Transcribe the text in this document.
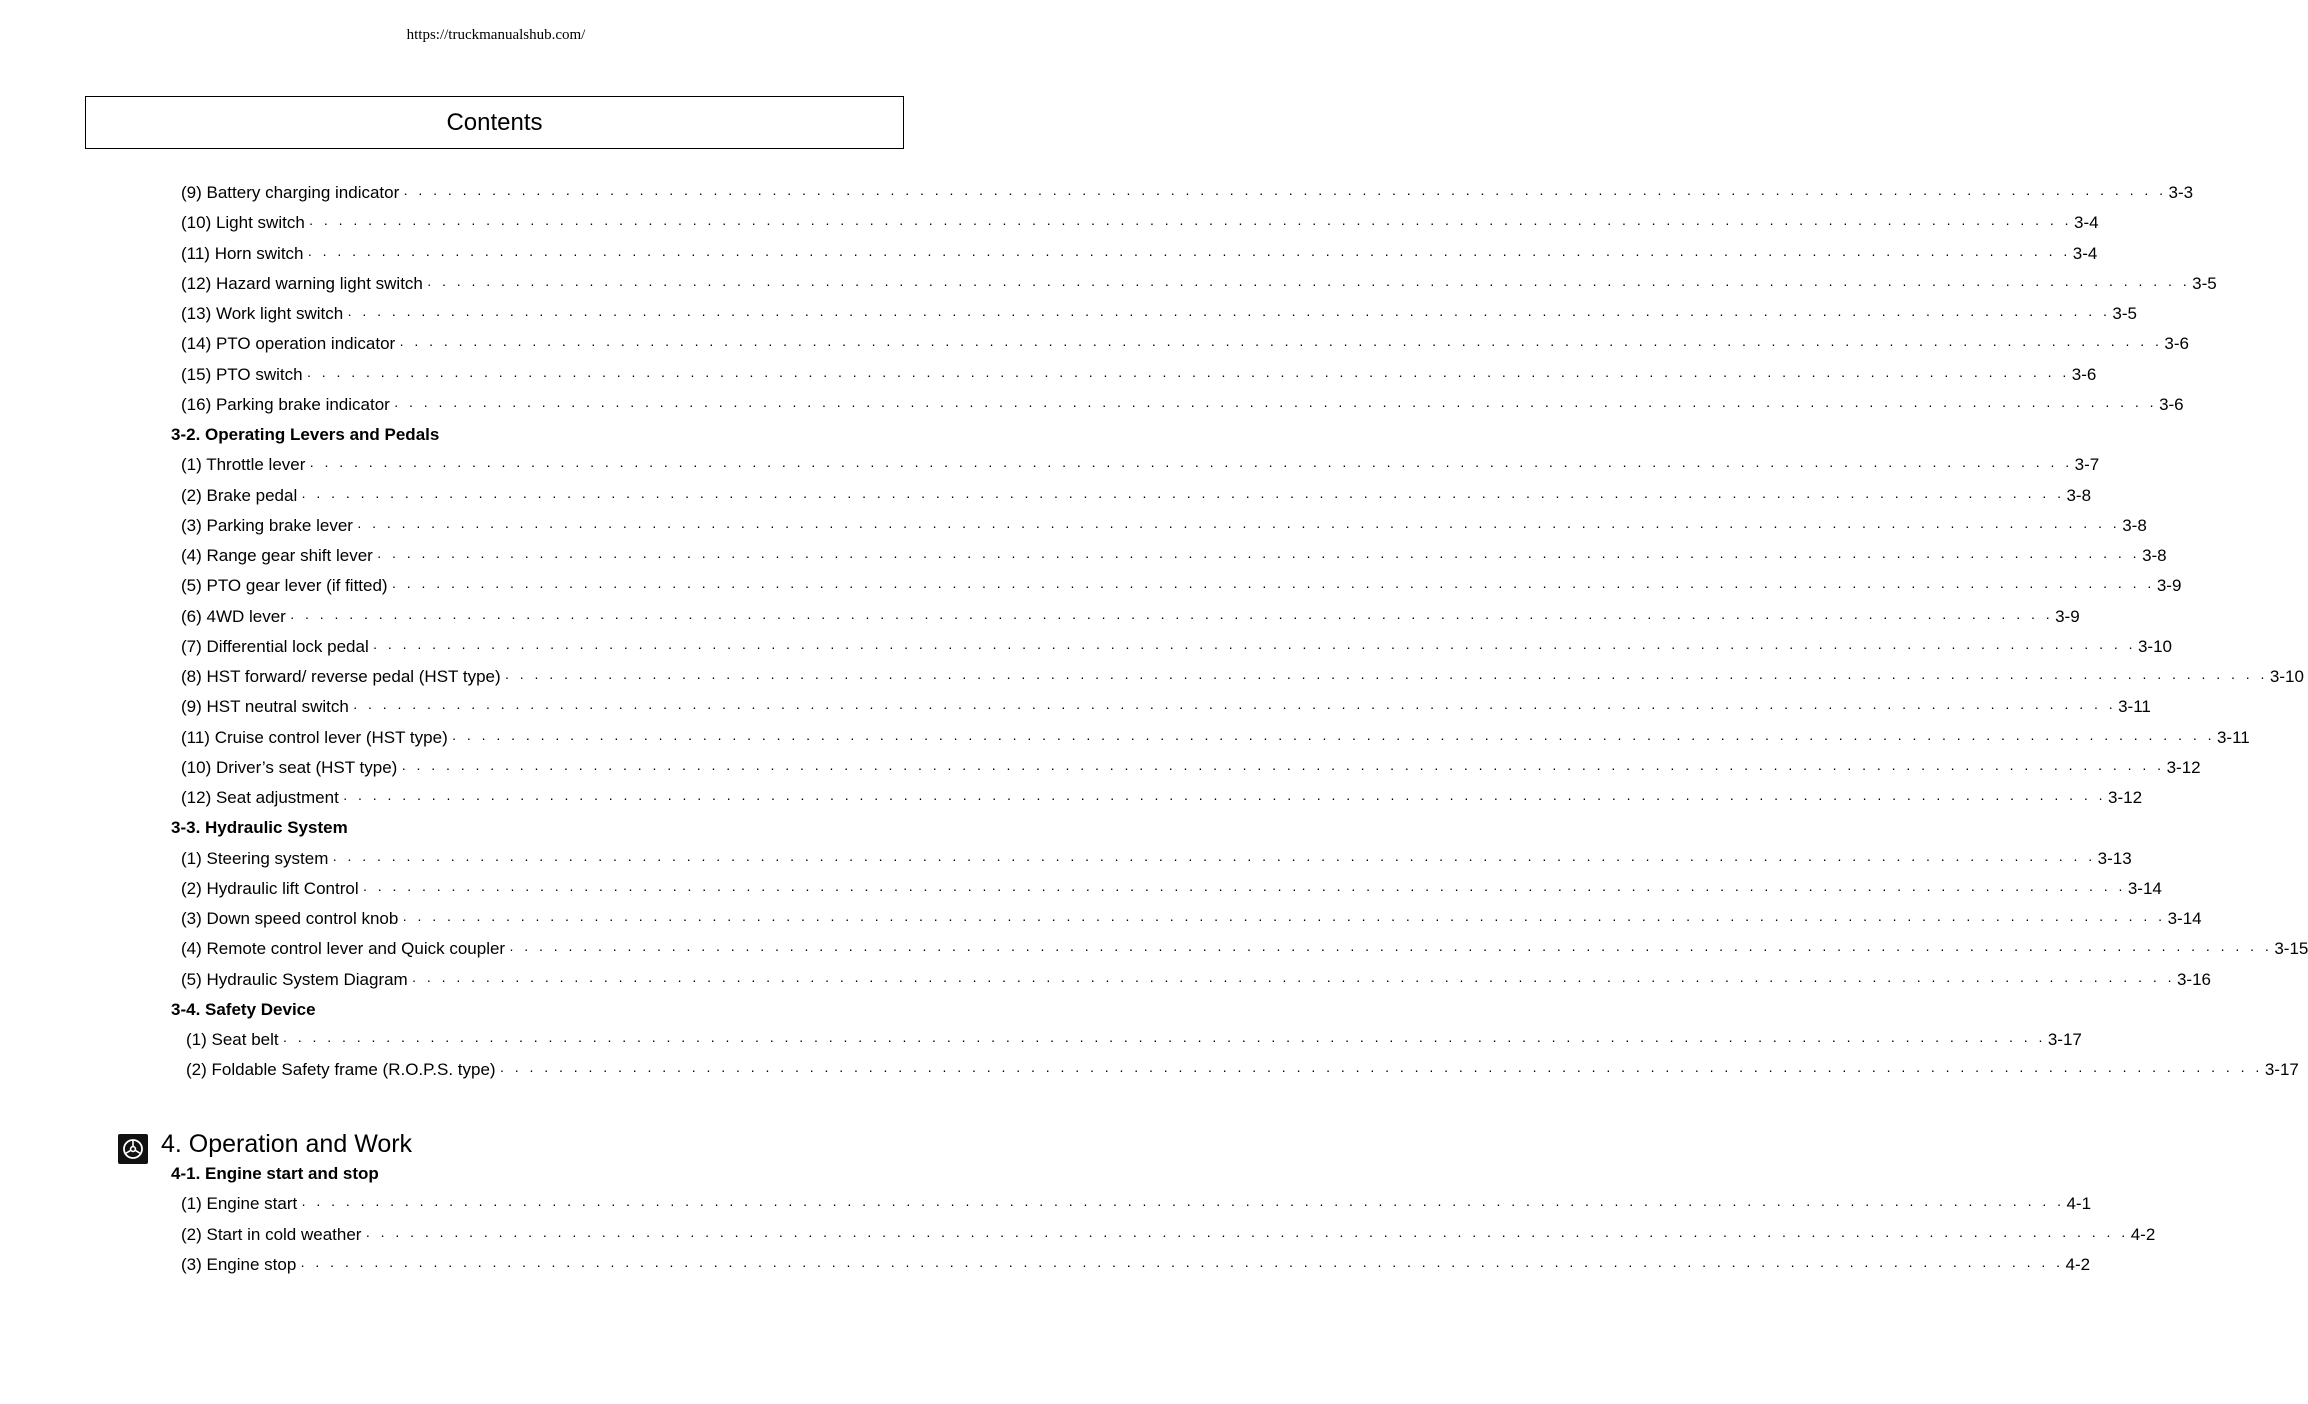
https://truckmanualshub.com/
Contents
(9) Battery charging indicator · · · · · · · · · · · · · · · · · · · · · · · · · · · · · · · · · · · · · · · · · · · · · · · · · · · · · · · · · · · · · · · · · · · · · · · · · · · · · · · · · · · · · · · · · · · · · · · · · · · · · · · · · · · · · · · · · · · · · · · · 3-3
(10) Light switch · · · · · · · · · · · · · · · · · · · · · · · · · · · · · · · · · · · · · · · · · · · · · · · · · · · · · · · · · · · · · · · · · · · · · · · · · · · · · · · · · · · · · · · · · · · · · · · · · · · · · · · · · · · · · · · · · · · · · · · · 3-4
(11) Horn switch · · · · · · · · · · · · · · · · · · · · · · · · · · · · · · · · · · · · · · · · · · · · · · · · · · · · · · · · · · · · · · · · · · · · · · · · · · · · · · · · · · · · · · · · · · · · · · · · · · · · · · · · · · · · · · · · · · · · · · · · 3-4
(12) Hazard warning light switch · · · · · · · · · · · · · · · · · · · · · · · · · · · · · · · · · · · · · · · · · · · · · · · · · · · · · · · · · · · · · · · · · · · · · · · · · · · · · · · · · · · · · · · · · · · · · · · · · · · · · · · · · · · · · · · · · · · · · · · · 3-5
(13) Work light switch · · · · · · · · · · · · · · · · · · · · · · · · · · · · · · · · · · · · · · · · · · · · · · · · · · · · · · · · · · · · · · · · · · · · · · · · · · · · · · · · · · · · · · · · · · · · · · · · · · · · · · · · · · · · · · · · · · · · · · · · 3-5
(14) PTO operation indicator · · · · · · · · · · · · · · · · · · · · · · · · · · · · · · · · · · · · · · · · · · · · · · · · · · · · · · · · · · · · · · · · · · · · · · · · · · · · · · · · · · · · · · · · · · · · · · · · · · · · · · · · · · · · · · · · · · · · · · · · 3-6
(15) PTO switch · · · · · · · · · · · · · · · · · · · · · · · · · · · · · · · · · · · · · · · · · · · · · · · · · · · · · · · · · · · · · · · · · · · · · · · · · · · · · · · · · · · · · · · · · · · · · · · · · · · · · · · · · · · · · · · · · · · · · · · · 3-6
(16) Parking brake indicator · · · · · · · · · · · · · · · · · · · · · · · · · · · · · · · · · · · · · · · · · · · · · · · · · · · · · · · · · · · · · · · · · · · · · · · · · · · · · · · · · · · · · · · · · · · · · · · · · · · · · · · · · · · · · · · · · · · · · · · · 3-6
3-2. Operating Levers and Pedals
(1) Throttle lever · · · · · · · · · · · · · · · · · · · · · · · · · · · · · · · · · · · · · · · · · · · · · · · · · · · · · · · · · · · · · · · · · · · · · · · · · · · · · · · · · · · · · · · · · · · · · · · · · · · · · · · · · · · · · · · · · · · · · · · · 3-7
(2) Brake pedal · · · · · · · · · · · · · · · · · · · · · · · · · · · · · · · · · · · · · · · · · · · · · · · · · · · · · · · · · · · · · · · · · · · · · · · · · · · · · · · · · · · · · · · · · · · · · · · · · · · · · · · · · · · · · · · · · · · · · · · · 3-8
(3) Parking brake lever · · · · · · · · · · · · · · · · · · · · · · · · · · · · · · · · · · · · · · · · · · · · · · · · · · · · · · · · · · · · · · · · · · · · · · · · · · · · · · · · · · · · · · · · · · · · · · · · · · · · · · · · · · · · · · · · · · · · · · · · 3-8
(4) Range gear shift lever · · · · · · · · · · · · · · · · · · · · · · · · · · · · · · · · · · · · · · · · · · · · · · · · · · · · · · · · · · · · · · · · · · · · · · · · · · · · · · · · · · · · · · · · · · · · · · · · · · · · · · · · · · · · · · · · · · · · · · · · 3-8
(5) PTO gear lever (if fitted) · · · · · · · · · · · · · · · · · · · · · · · · · · · · · · · · · · · · · · · · · · · · · · · · · · · · · · · · · · · · · · · · · · · · · · · · · · · · · · · · · · · · · · · · · · · · · · · · · · · · · · · · · · · · · · · · · · · · · · · · 3-9
(6) 4WD lever · · · · · · · · · · · · · · · · · · · · · · · · · · · · · · · · · · · · · · · · · · · · · · · · · · · · · · · · · · · · · · · · · · · · · · · · · · · · · · · · · · · · · · · · · · · · · · · · · · · · · · · · · · · · · · · · · · · · · · · · 3-9
(7) Differential lock pedal · · · · · · · · · · · · · · · · · · · · · · · · · · · · · · · · · · · · · · · · · · · · · · · · · · · · · · · · · · · · · · · · · · · · · · · · · · · · · · · · · · · · · · · · · · · · · · · · · · · · · · · · · · · · · · · · · · · · · · · · 3-10
(8) HST forward/ reverse pedal (HST type) · · · · · · · · · · · · · · · · · · · · · · · · · · · · · · · · · · · · · · · · · · · · · · · · · · · · · · · · · · · · · · · · · · · · · · · · · · · · · · · · · · · · · · · · · · · · · · · · · · · · · · · · · · · · · · · · · · · · · · · · 3-10
(9) HST neutral switch · · · · · · · · · · · · · · · · · · · · · · · · · · · · · · · · · · · · · · · · · · · · · · · · · · · · · · · · · · · · · · · · · · · · · · · · · · · · · · · · · · · · · · · · · · · · · · · · · · · · · · · · · · · · · · · · · · · · · · · · 3-11
(11) Cruise control lever (HST type) · · · · · · · · · · · · · · · · · · · · · · · · · · · · · · · · · · · · · · · · · · · · · · · · · · · · · · · · · · · · · · · · · · · · · · · · · · · · · · · · · · · · · · · · · · · · · · · · · · · · · · · · · · · · · · · · · · · · · · · · 3-11
(10) Driver’s seat (HST type) · · · · · · · · · · · · · · · · · · · · · · · · · · · · · · · · · · · · · · · · · · · · · · · · · · · · · · · · · · · · · · · · · · · · · · · · · · · · · · · · · · · · · · · · · · · · · · · · · · · · · · · · · · · · · · · · · · · · · · · · 3-12
(12) Seat adjustment · · · · · · · · · · · · · · · · · · · · · · · · · · · · · · · · · · · · · · · · · · · · · · · · · · · · · · · · · · · · · · · · · · · · · · · · · · · · · · · · · · · · · · · · · · · · · · · · · · · · · · · · · · · · · · · · · · · · · · · · 3-12
3-3. Hydraulic System
(1) Steering system · · · · · · · · · · · · · · · · · · · · · · · · · · · · · · · · · · · · · · · · · · · · · · · · · · · · · · · · · · · · · · · · · · · · · · · · · · · · · · · · · · · · · · · · · · · · · · · · · · · · · · · · · · · · · · · · · · · · · · · · 3-13
(2) Hydraulic lift Control · · · · · · · · · · · · · · · · · · · · · · · · · · · · · · · · · · · · · · · · · · · · · · · · · · · · · · · · · · · · · · · · · · · · · · · · · · · · · · · · · · · · · · · · · · · · · · · · · · · · · · · · · · · · · · · · · · · · · · · · 3-14
(3) Down speed control knob · · · · · · · · · · · · · · · · · · · · · · · · · · · · · · · · · · · · · · · · · · · · · · · · · · · · · · · · · · · · · · · · · · · · · · · · · · · · · · · · · · · · · · · · · · · · · · · · · · · · · · · · · · · · · · · · · · · · · · · · 3-14
(4) Remote control lever and Quick coupler · · · · · · · · · · · · · · · · · · · · · · · · · · · · · · · · · · · · · · · · · · · · · · · · · · · · · · · · · · · · · · · · · · · · · · · · · · · · · · · · · · · · · · · · · · · · · · · · · · · · · · · · · · · · · · · · · · · · · · · · 3-15
(5) Hydraulic System Diagram · · · · · · · · · · · · · · · · · · · · · · · · · · · · · · · · · · · · · · · · · · · · · · · · · · · · · · · · · · · · · · · · · · · · · · · · · · · · · · · · · · · · · · · · · · · · · · · · · · · · · · · · · · · · · · · · · · · · · · · · 3-16
3-4. Safety Device
(1) Seat belt · · · · · · · · · · · · · · · · · · · · · · · · · · · · · · · · · · · · · · · · · · · · · · · · · · · · · · · · · · · · · · · · · · · · · · · · · · · · · · · · · · · · · · · · · · · · · · · · · · · · · · · · · · · · · · · · · · · · · · · · 3-17
(2) Foldable Safety frame (R.O.P.S. type) · · · · · · · · · · · · · · · · · · · · · · · · · · · · · · · · · · · · · · · · · · · · · · · · · · · · · · · · · · · · · · · · · · · · · · · · · · · · · · · · · · · · · · · · · · · · · · · · · · · · · · · · · · · · · · · · · · · · · · · · 3-17
4. Operation and Work
4-1. Engine start and stop
(1) Engine start · · · · · · · · · · · · · · · · · · · · · · · · · · · · · · · · · · · · · · · · · · · · · · · · · · · · · · · · · · · · · · · · · · · · · · · · · · · · · · · · · · · · · · · · · · · · · · · · · · · · · · · · · · · · · · · · · · · · · · · · 4-1
(2) Start in cold weather · · · · · · · · · · · · · · · · · · · · · · · · · · · · · · · · · · · · · · · · · · · · · · · · · · · · · · · · · · · · · · · · · · · · · · · · · · · · · · · · · · · · · · · · · · · · · · · · · · · · · · · · · · · · · · · · · · · · · · · · 4-2
(3) Engine stop · · · · · · · · · · · · · · · · · · · · · · · · · · · · · · · · · · · · · · · · · · · · · · · · · · · · · · · · · · · · · · · · · · · · · · · · · · · · · · · · · · · · · · · · · · · · · · · · · · · · · · · · · · · · · · · · · · · · · · · · 4-2
